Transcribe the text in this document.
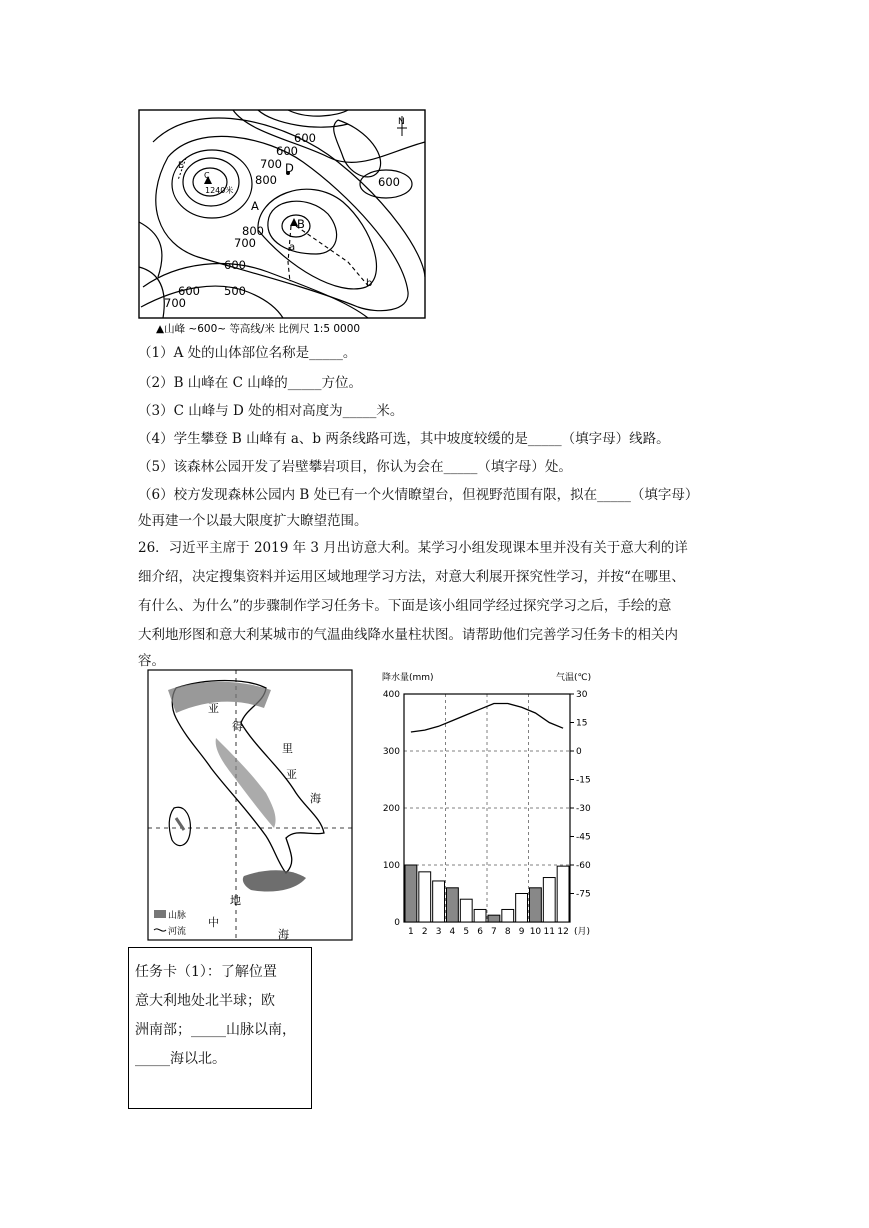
N
600
600
700
800	600
800
700
600
600 500
700
A
B
C
D
E
a
b
1240米
▲山峰 ~600~ 等高线/米 比例尺 1:5 0000
（1）A 处的山体部位名称是_____。
（2）B 山峰在 C 山峰的_____方位。
（3）C 山峰与 D 处的相对高度为_____米。
（4）学生攀登 B 山峰有 a、b 两条线路可选，其中坡度较缓的是_____（填字母）线路。
（5）该森林公园开发了岩壁攀岩项目，你认为会在_____（填字母）处。
（6）校方发现森林公园内 B 处已有一个火情瞭望台，但视野范围有限，拟在_____（填字母）
处再建一个以最大限度扩大瞭望范围。
26．习近平主席于 2019 年 3 月出访意大利。某学习小组发现课本里并没有关于意大利的详
细介绍，决定搜集资料并运用区域地理学习方法，对意大利展开探究性学习，并按“在哪里、
有什么、为什么”的步骤制作学习任务卡。下面是该小组同学经过探究学习之后，手绘的意
大利地形图和意大利某城市的气温曲线降水量柱状图。请帮助他们完善学习任务卡的相关内
容。
亚
得
里
亚
海
地
中
海
山脉
河流
降水量(mm)	气温(℃)
0
100
200
300
400	30
15
0
-15
-30
-45
-60
-75
1 2 3 4 5 6 7 8 9 10 11 12 (月)
任务卡（1）：了解位置
意大利地处北半球；欧
洲南部；_____山脉以南，
_____海以北。
